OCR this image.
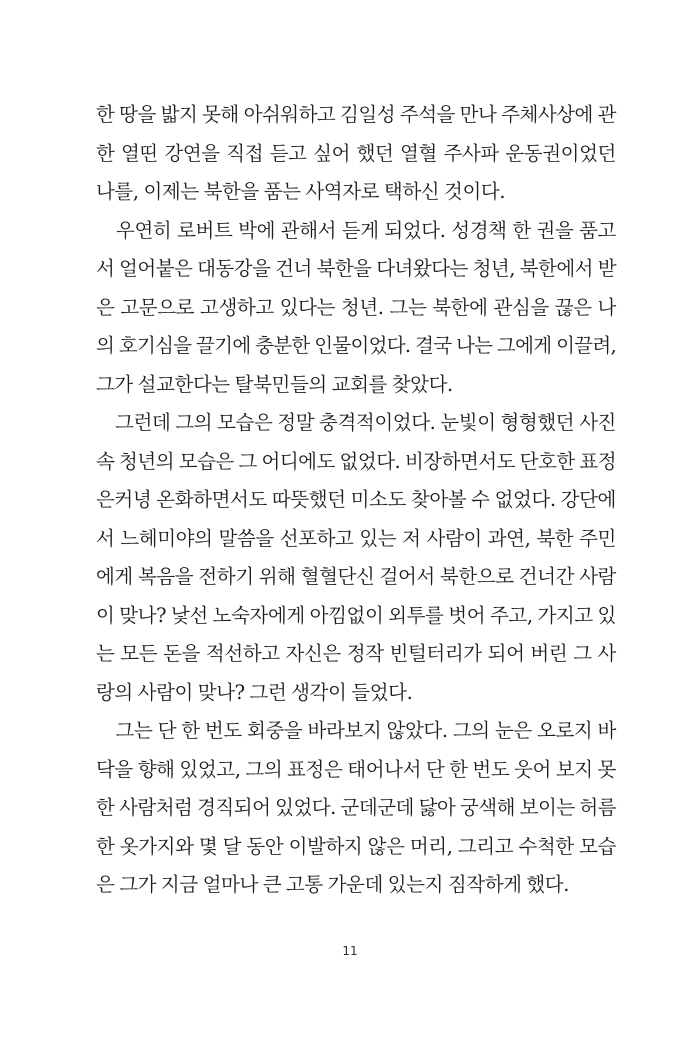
한 땅을 밟지 못해 아쉬워하고 김일성 주석을 만나 주체사상에 관
한 열띤 강연을 직접 듣고 싶어 했던 열혈 주사파 운동권이었던
나를, 이제는 북한을 품는 사역자로 택하신 것이다.
　우연히 로버트 박에 관해서 듣게 되었다. 성경책 한 권을 품고
서 얼어붙은 대동강을 건너 북한을 다녀왔다는 청년, 북한에서 받
은 고문으로 고생하고 있다는 청년. 그는 북한에 관심을 끊은 나
의 호기심을 끌기에 충분한 인물이었다. 결국 나는 그에게 이끌려,
그가 설교한다는 탈북민들의 교회를 찾았다.
　그런데 그의 모습은 정말 충격적이었다. 눈빛이 형형했던 사진
속 청년의 모습은 그 어디에도 없었다. 비장하면서도 단호한 표정
은커녕 온화하면서도 따뜻했던 미소도 찾아볼 수 없었다. 강단에
서 느헤미야의 말씀을 선포하고 있는 저 사람이 과연, 북한 주민
에게 복음을 전하기 위해 혈혈단신 걸어서 북한으로 건너간 사람
이 맞나? 낯선 노숙자에게 아낌없이 외투를 벗어 주고, 가지고 있
는 모든 돈을 적선하고 자신은 정작 빈털터리가 되어 버린 그 사
랑의 사람이 맞나? 그런 생각이 들었다.
　그는 단 한 번도 회중을 바라보지 않았다. 그의 눈은 오로지 바
닥을 향해 있었고, 그의 표정은 태어나서 단 한 번도 웃어 보지 못
한 사람처럼 경직되어 있었다. 군데군데 닳아 궁색해 보이는 허름
한 옷가지와 몇 달 동안 이발하지 않은 머리, 그리고 수척한 모습
은 그가 지금 얼마나 큰 고통 가운데 있는지 짐작하게 했다.
11
